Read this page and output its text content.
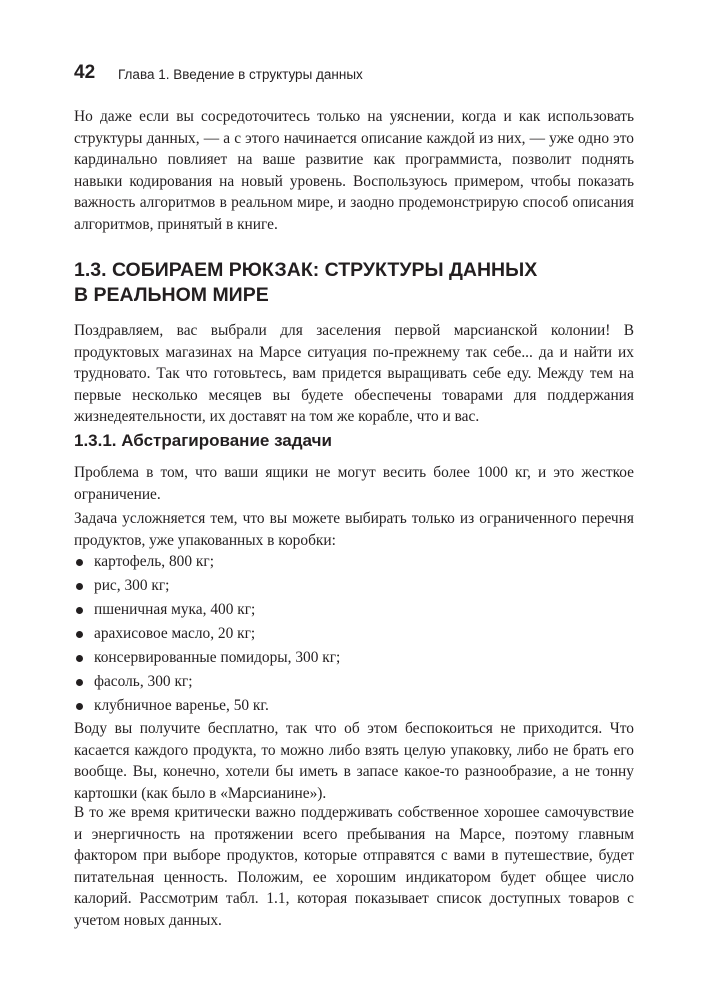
42 Глава 1. Введение в структуры данных
Но даже если вы сосредоточитесь только на уяснении, когда и как использовать структуры данных, — а с этого начинается описание каждой из них, — уже одно это кардинально повлияет на ваше развитие как программиста, позволит поднять навыки кодирования на новый уровень. Воспользуюсь примером, чтобы показать важность алгоритмов в реальном мире, и заодно продемонстрирую способ описания алгоритмов, принятый в книге.
1.3. СОБИРАЕМ РЮКЗАК: СТРУКТУРЫ ДАННЫХ
В РЕАЛЬНОМ МИРЕ
Поздравляем, вас выбрали для заселения первой марсианской колонии! В продуктовых магазинах на Марсе ситуация по-прежнему так себе... да и найти их трудновато. Так что готовьтесь, вам придется выращивать себе еду. Между тем на первые несколько месяцев вы будете обеспечены товарами для поддержания жизнедеятельности, их доставят на том же корабле, что и вас.
1.3.1. Абстрагирование задачи
Проблема в том, что ваши ящики не могут весить более 1000 кг, и это жесткое ограничение.
Задача усложняется тем, что вы можете выбирать только из ограниченного перечня продуктов, уже упакованных в коробки:
картофель, 800 кг;
рис, 300 кг;
пшеничная мука, 400 кг;
арахисовое масло, 20 кг;
консервированные помидоры, 300 кг;
фасоль, 300 кг;
клубничное варенье, 50 кг.
Воду вы получите бесплатно, так что об этом беспокоиться не приходится. Что касается каждого продукта, то можно либо взять целую упаковку, либо не брать его вообще. Вы, конечно, хотели бы иметь в запасе какое-то разнообразие, а не тонну картошки (как было в «Марсианине»).
В то же время критически важно поддерживать собственное хорошее самочувствие и энергичность на протяжении всего пребывания на Марсе, поэтому главным фактором при выборе продуктов, которые отправятся с вами в путешествие, будет питательная ценность. Положим, ее хорошим индикатором будет общее число калорий. Рассмотрим табл. 1.1, которая показывает список доступных товаров с учетом новых данных.
